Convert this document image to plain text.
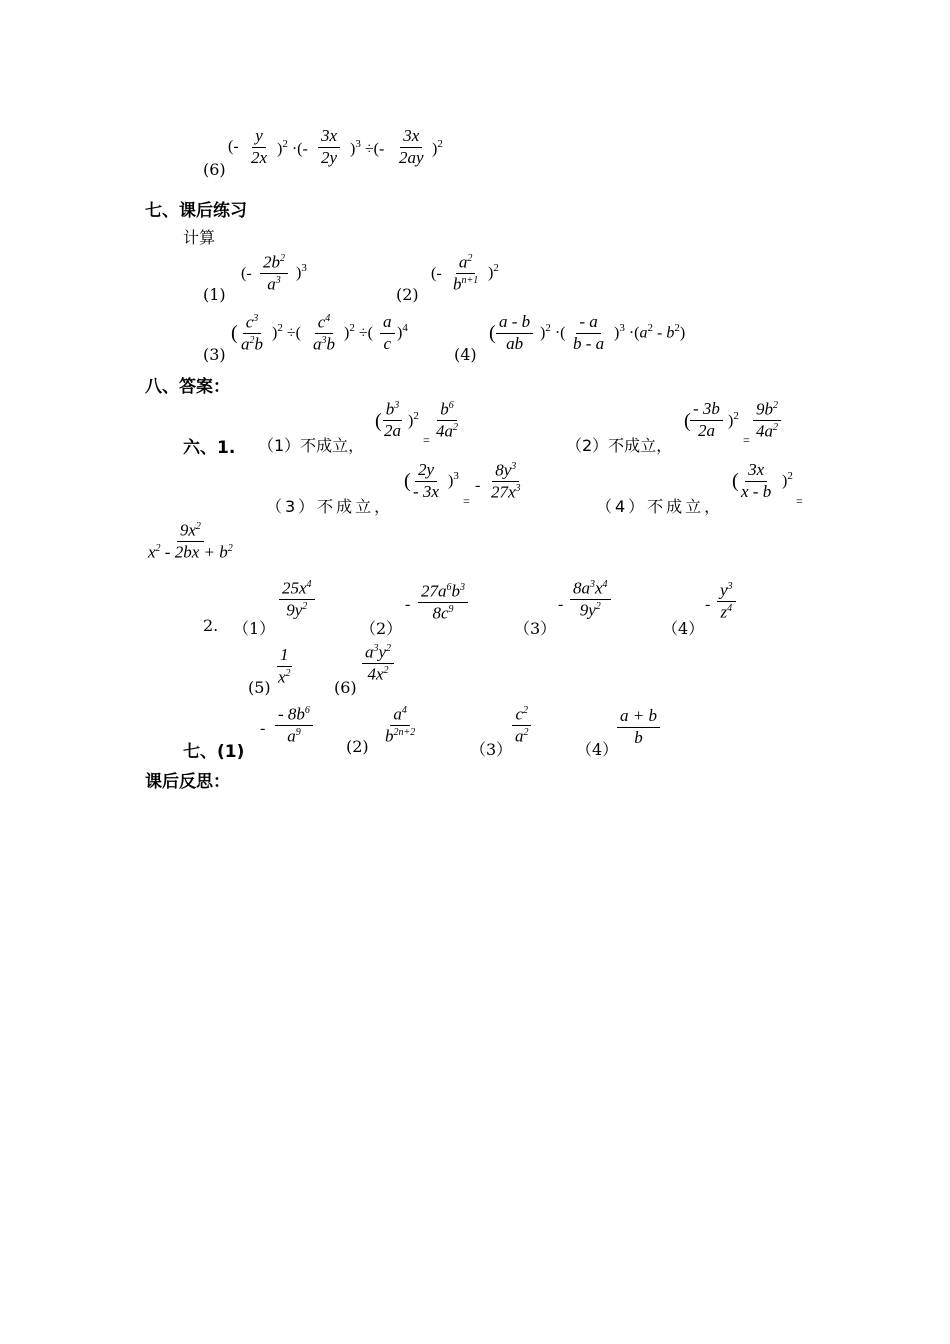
(6)
(- $\frac{y}{2x} )^2$ ·(- $\frac{3x}{2y} )^3$ ÷(- $\frac{3x}{2ay} )^2$
七、课后练习
计算
(1)
(- $\frac{2b^2}{a^3} )^3$
(2)
(- $\frac{a^2}{b^{n+1}} )^2$
(3)
( $\frac{c^3}{a^2b} )^2$ ÷( $\frac{c^4}{a^3b} )^2$ ÷( $\frac{a}{c} )^4$
(4)
( $\frac{a - b}{ab} )^2$ ·( $\frac{- a}{b - a} )^3 \cdot(a^2 - b^2)$
八、答案：
六、1. （1）不成立，
( $\frac{b^3}{2a} )^2$
= $\frac{b^6}{4a^2}$
（2）不成立，
( $\frac{- 3b}{2a} )^2$
= $\frac{9b^2}{4a^2}$
（3）不成立，
( $\frac{2y}{- 3x} )^3$
=
- $\frac{8y^3}{27x^3}$
（4）不成立，
( $\frac{3x}{x - b} )^2$
=
$\frac{9x^2}{x^2 - 2bx + b^2}$
2. （1）
$\frac{25x^4}{9y^2}$
（2）
- $\frac{27a^6b^3}{8c^9}$
（3）
- $\frac{8a^3x^4}{9y^2}$
（4）
- $\frac{y^3}{z^4}$
(5)
$\frac{1}{x^2}$
(6)
$\frac{a^3y^2}{4x^2}$
七、(1)
- $\frac{- 8b^6}{a^9} (2) \frac{a^4}{b^{2n+2}}$
（3）
$\frac{c^2}{a^2}$
（4）
$\frac{a + b}{b}$
课后反思：
